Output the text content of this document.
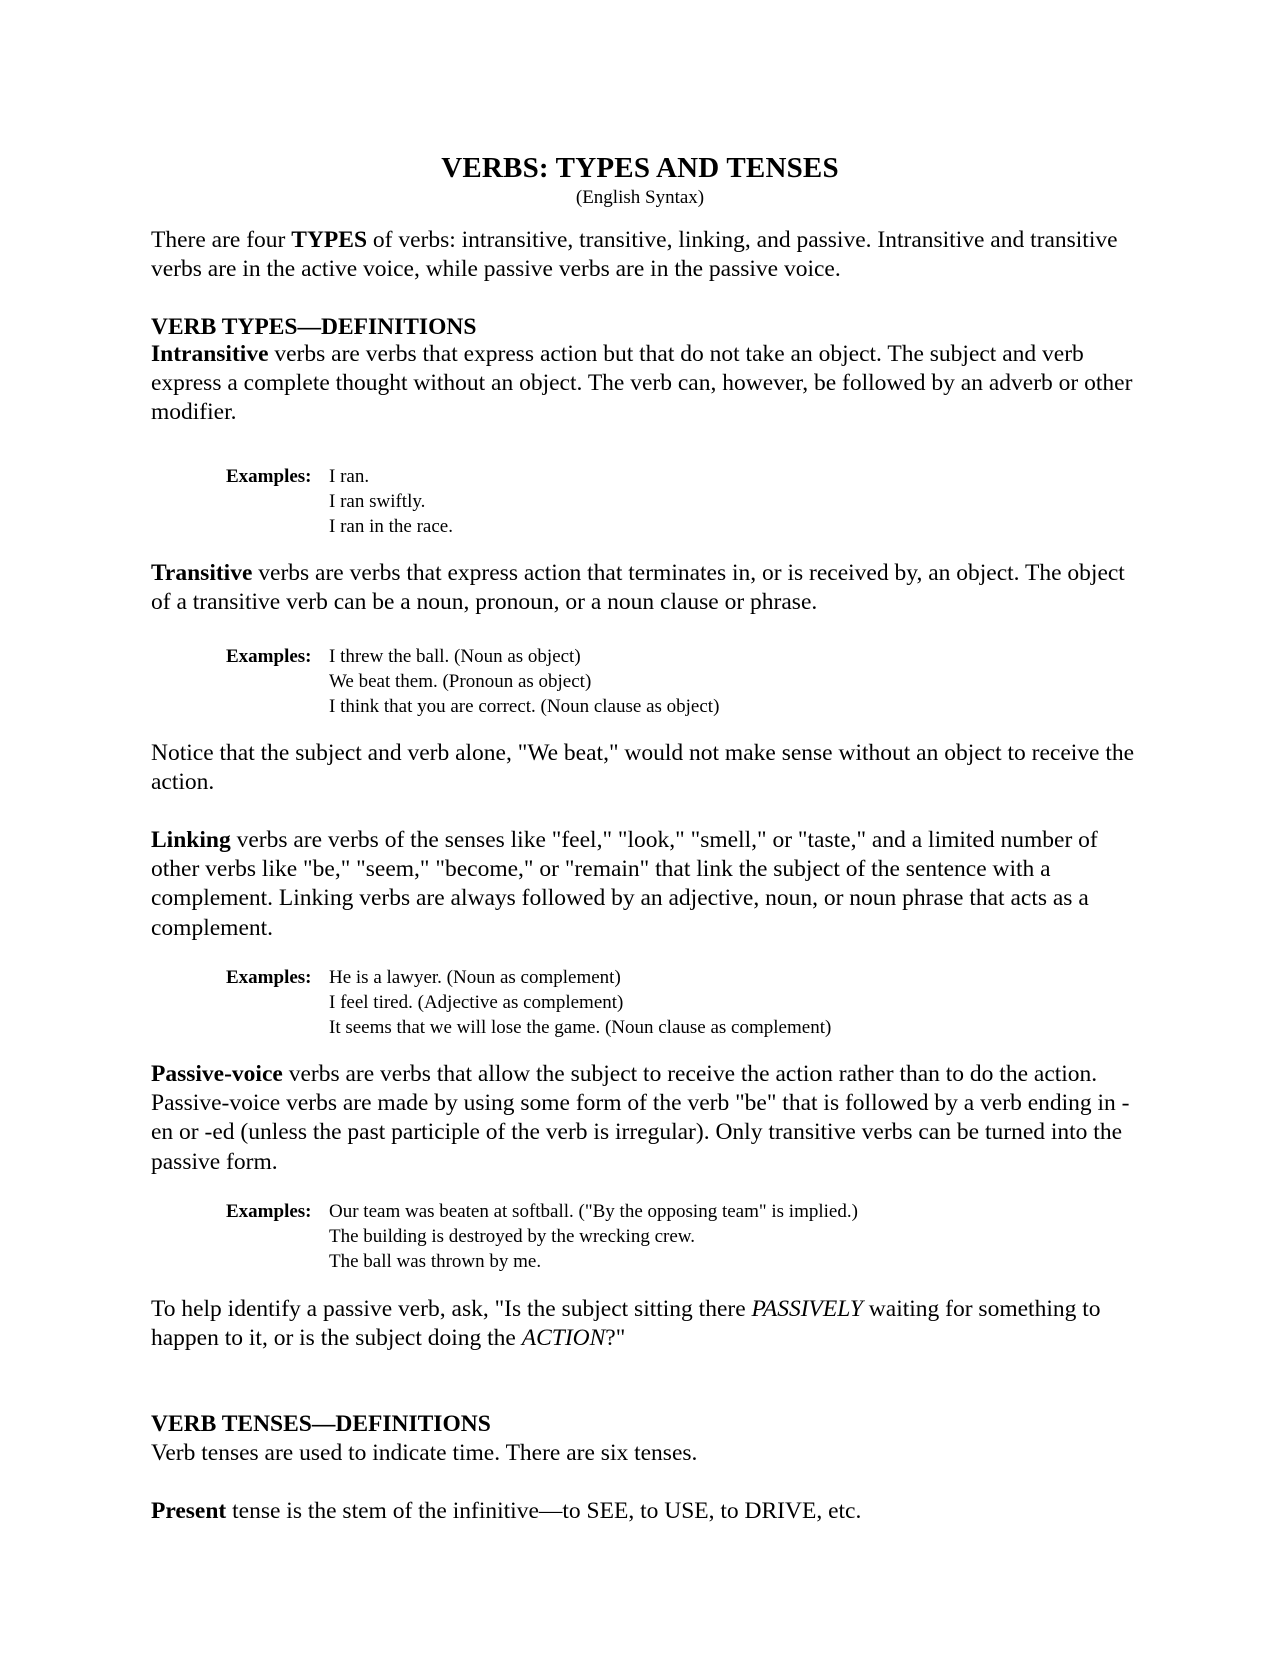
VERBS: TYPES AND TENSES
(English Syntax)
There are four TYPES of verbs: intransitive, transitive, linking, and passive. Intransitive and transitive verbs are in the active voice, while passive verbs are in the passive voice.
VERB TYPES—DEFINITIONS
Intransitive verbs are verbs that express action but that do not take an object. The subject and verb express a complete thought without an object. The verb can, however, be followed by an adverb or other modifier.
Examples: I ran.
I ran swiftly.
I ran in the race.
Transitive verbs are verbs that express action that terminates in, or is received by, an object. The object of a transitive verb can be a noun, pronoun, or a noun clause or phrase.
Examples: I threw the ball. (Noun as object)
We beat them. (Pronoun as object)
I think that you are correct. (Noun clause as object)
Notice that the subject and verb alone, "We beat," would not make sense without an object to receive the action.
Linking verbs are verbs of the senses like "feel," "look," "smell," or "taste," and a limited number of other verbs like "be," "seem," "become," or "remain" that link the subject of the sentence with a complement. Linking verbs are always followed by an adjective, noun, or noun phrase that acts as a complement.
Examples: He is a lawyer. (Noun as complement)
I feel tired. (Adjective as complement)
It seems that we will lose the game. (Noun clause as complement)
Passive-voice verbs are verbs that allow the subject to receive the action rather than to do the action. Passive-voice verbs are made by using some form of the verb "be" that is followed by a verb ending in -en or -ed (unless the past participle of the verb is irregular). Only transitive verbs can be turned into the passive form.
Examples: Our team was beaten at softball. ("By the opposing team" is implied.)
The building is destroyed by the wrecking crew.
The ball was thrown by me.
To help identify a passive verb, ask, "Is the subject sitting there PASSIVELY waiting for something to happen to it, or is the subject doing the ACTION?"
VERB TENSES—DEFINITIONS
Verb tenses are used to indicate time. There are six tenses.
Present tense is the stem of the infinitive—to SEE, to USE, to DRIVE, etc.
